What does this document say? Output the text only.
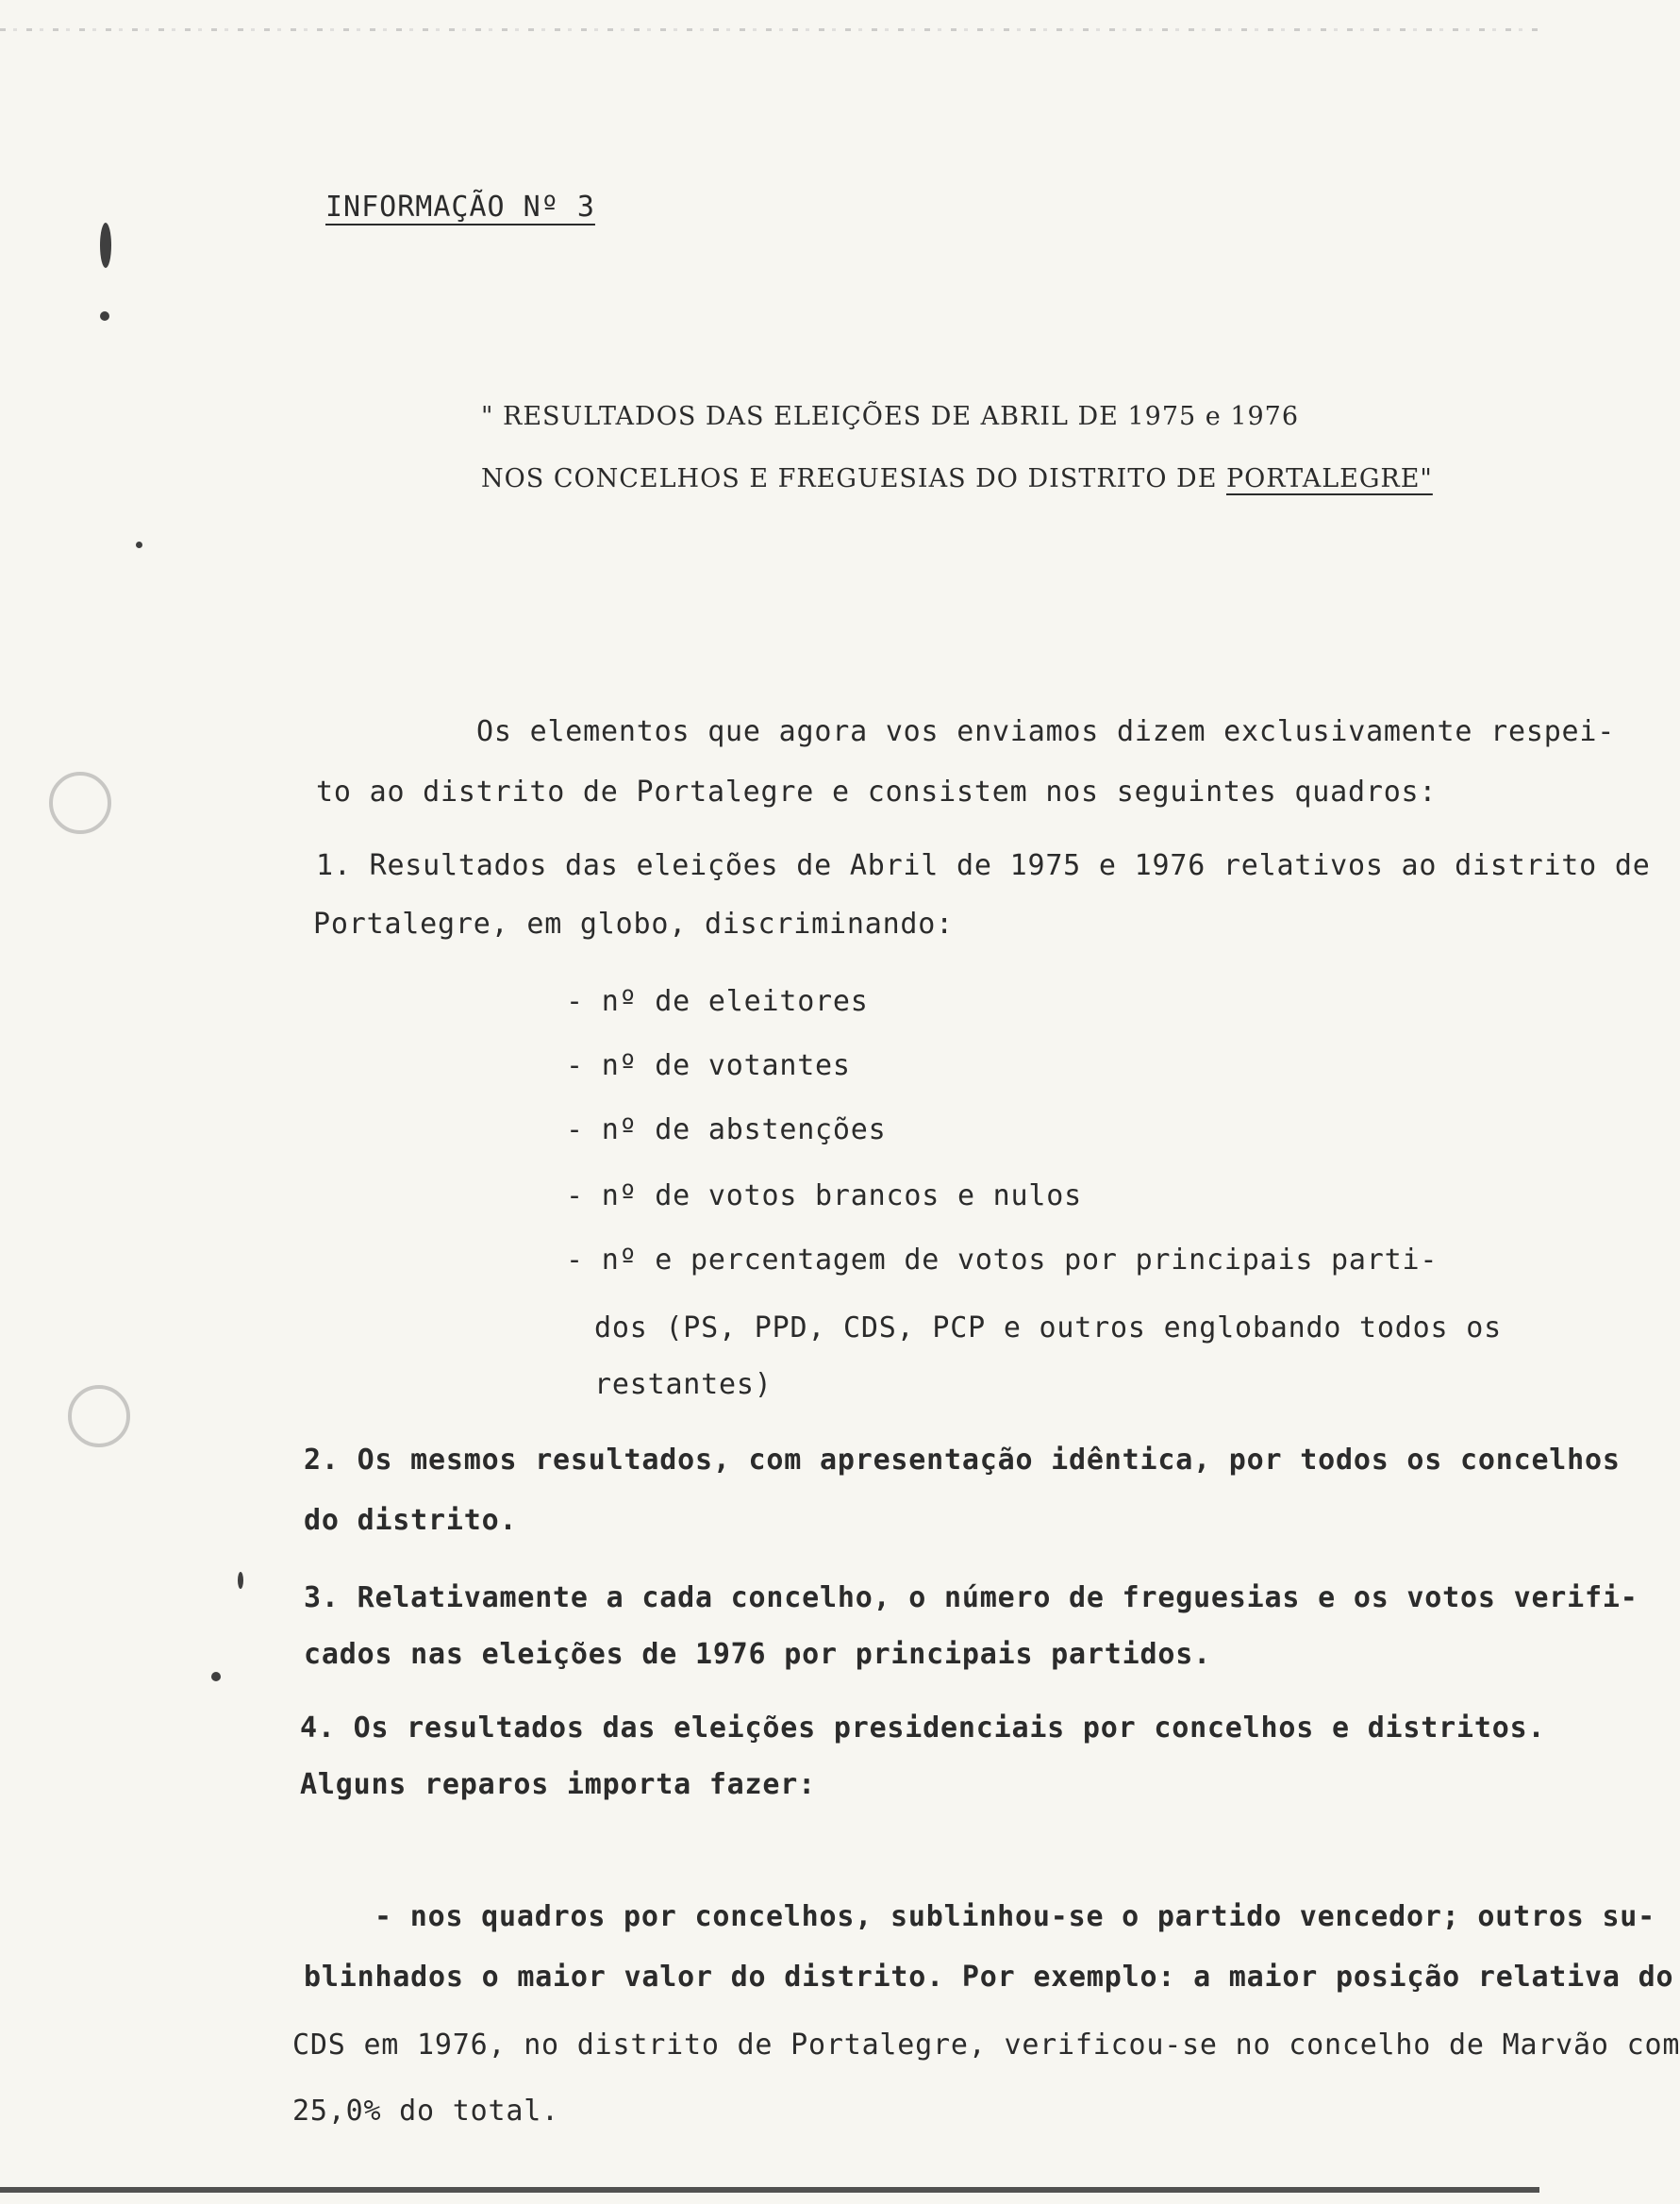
INFORMAÇÃO Nº 3
" RESULTADOS DAS ELEIÇÕES DE ABRIL DE 1975 e 1976
NOS CONCELHOS E FREGUESIAS DO DISTRITO DE PORTALEGRE"
Os elementos que agora vos enviamos dizem exclusivamente respei-
to ao distrito de Portalegre e consistem nos seguintes quadros:
1. Resultados das eleições de Abril de 1975 e 1976 relativos ao distrito de
Portalegre, em globo, discriminando:
- nº de eleitores
- nº de votantes
- nº de abstenções
- nº de votos brancos e nulos
- nº e percentagem de votos por principais parti-
dos (PS, PPD, CDS, PCP e outros englobando todos os
restantes)
2. Os mesmos resultados, com apresentação idêntica, por todos os concelhos
do distrito.
3. Relativamente a cada concelho, o número de freguesias e os votos verifi-
cados nas eleições de 1976 por principais partidos.
4. Os resultados das eleições presidenciais por concelhos e distritos.
Alguns reparos importa fazer:
- nos quadros por concelhos, sublinhou-se o partido vencedor; outros su-
blinhados o maior valor do distrito. Por exemplo: a maior posição relativa do
CDS em 1976, no distrito de Portalegre, verificou-se no concelho de Marvão com
25,0% do total.
